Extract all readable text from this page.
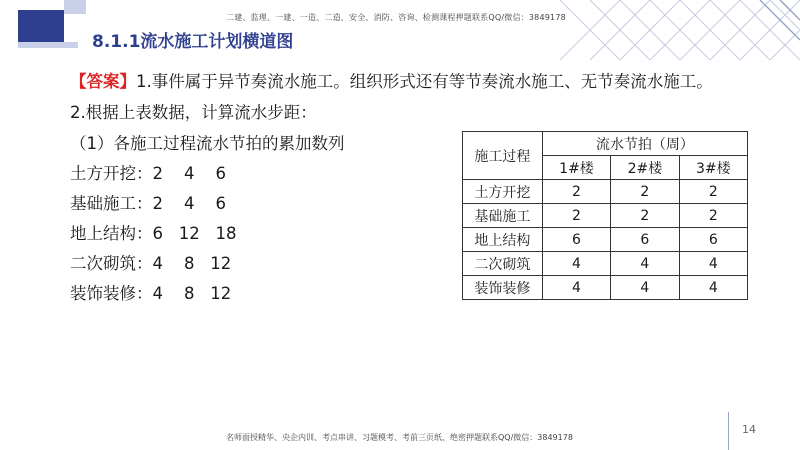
二建、监理、一建、一造、二造、安全、消防、咨询、检测课程押题联系QQ/微信：3849178
8.1.1流水施工计划横道图
【答案】1.事件属于异节奏流水施工。组织形式还有等节奏流水施工、无节奏流水施工。
2.根据上表数据，计算流水步距：
（1）各施工过程流水节拍的累加数列
土方开挖：2    4    6
基础施工：2    4    6
地上结构：6   12   18
二次砌筑：4    8   12
装饰装修：4    8   12
施工过程	流水节拍（周）		
	1#楼	2#楼	3#楼
土方开挖	2	2	2
基础施工	2	2	2
地上结构	6	6	6
二次砌筑	4	4	4
装饰装修	4	4	4
14
名师面授精华、央企内训、考点串讲、习题模考、考前三页纸、绝密押题联系QQ/微信：3849178
